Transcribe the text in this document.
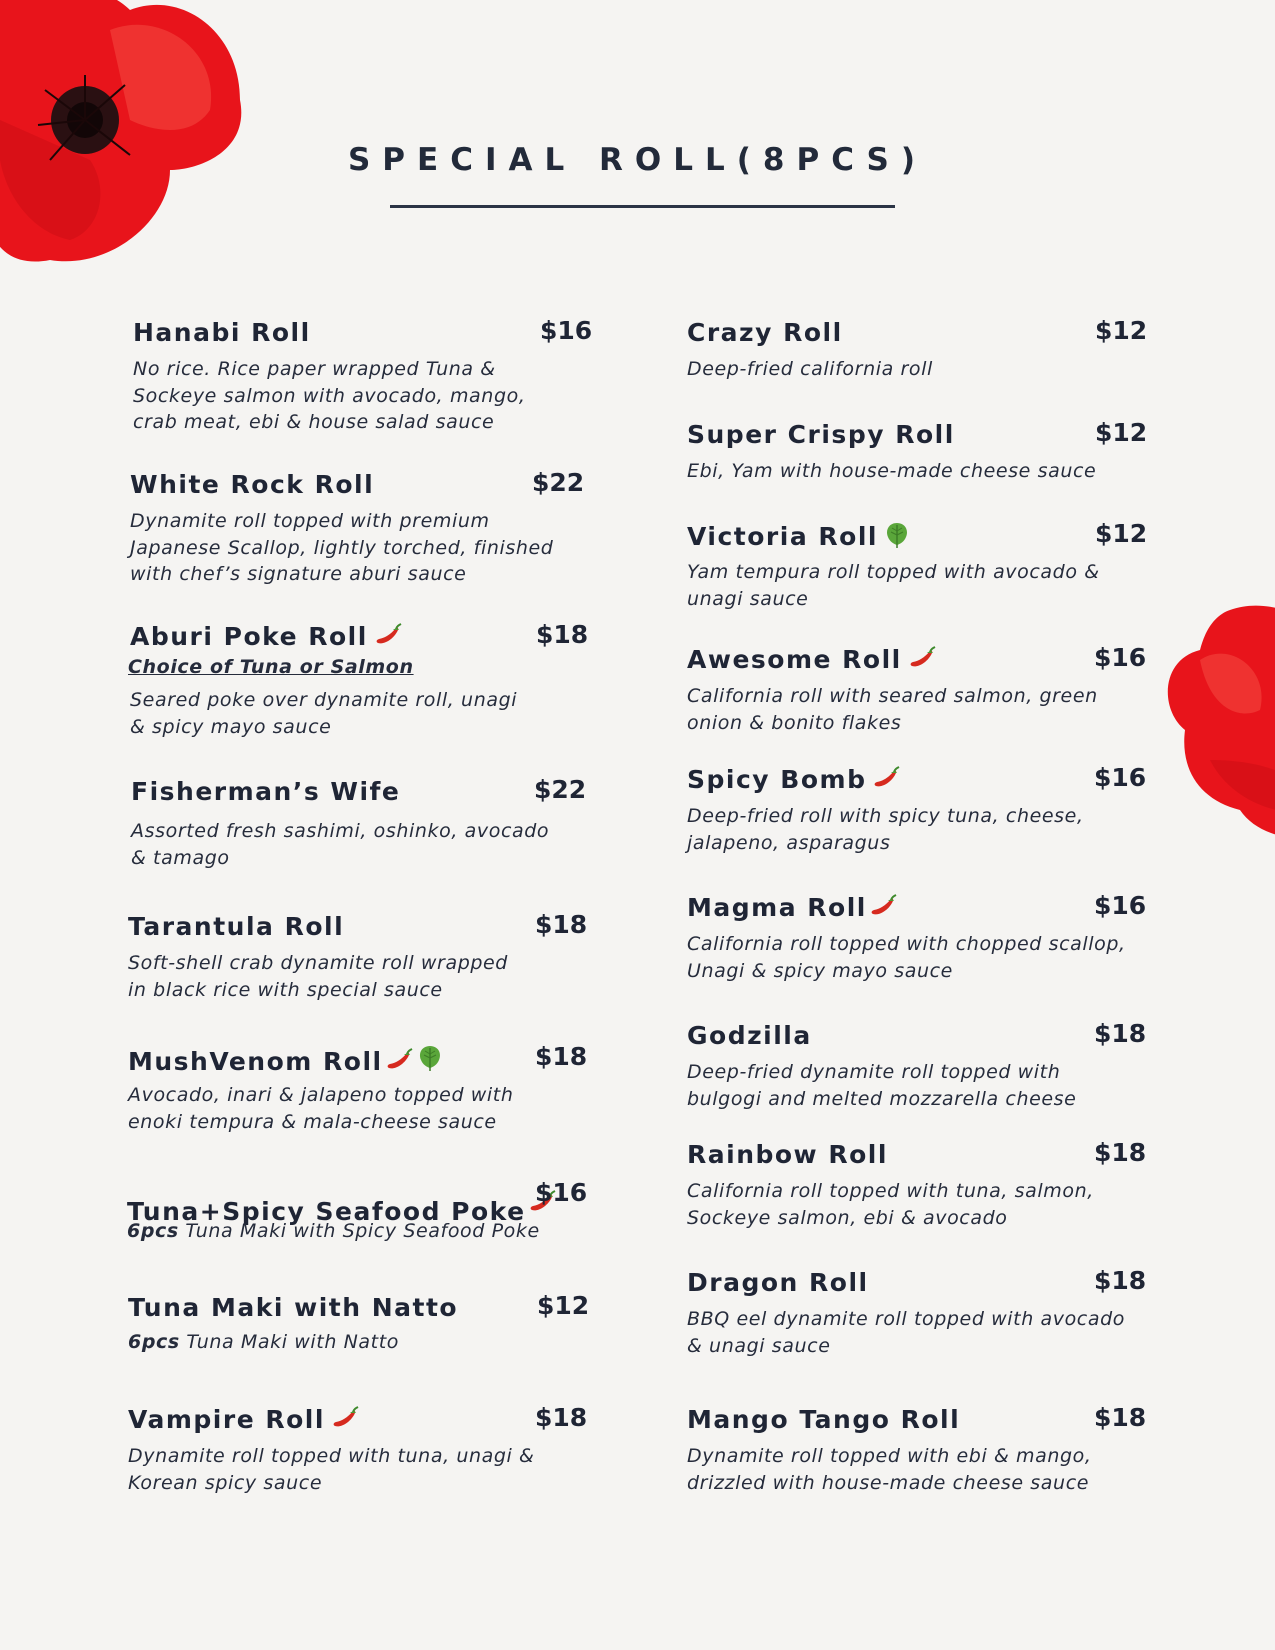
SPECIAL ROLL(8PCS)
Hanabi Roll	$16
No rice. Rice paper wrapped Tuna &
Sockeye salmon with avocado, mango,
crab meat, ebi & house salad sauce
White Rock Roll	$22
Dynamite roll topped with premium
Japanese Scallop, lightly torched, finished
with chef’s signature aburi sauce
Aburi Poke Roll	$18
Choice of Tuna or Salmon
Seared poke over dynamite roll, unagi
& spicy mayo sauce
Fisherman’s Wife	$22
Assorted fresh sashimi, oshinko, avocado
& tamago
Tarantula Roll	$18
Soft-shell crab dynamite roll wrapped
in black rice with special sauce
MushVenom Roll	$18
Avocado, inari & jalapeno topped with
enoki tempura & mala-cheese sauce
Tuna+Spicy Seafood Poke
$16
6pcs Tuna Maki with Spicy Seafood Poke
Tuna Maki with Natto	$12
6pcs Tuna Maki with Natto
Vampire Roll	$18
Dynamite roll topped with tuna, unagi &
Korean spicy sauce
Crazy Roll	$12
Deep-fried california roll
Super Crispy Roll	$12
Ebi, Yam with house-made cheese sauce
Victoria Roll	$12
Yam tempura roll topped with avocado &
unagi sauce
Awesome Roll	$16
California roll with seared salmon, green
onion & bonito flakes
Spicy Bomb	$16
Deep-fried roll with spicy tuna, cheese,
jalapeno, asparagus
Magma Roll	$16
California roll topped with chopped scallop,
Unagi & spicy mayo sauce
Godzilla	$18
Deep-fried dynamite roll topped with
bulgogi and melted mozzarella cheese
Rainbow Roll	$18
California roll topped with tuna, salmon,
Sockeye salmon, ebi & avocado
Dragon Roll	$18
BBQ eel dynamite roll topped with avocado
& unagi sauce
Mango Tango Roll	$18
Dynamite roll topped with ebi & mango,
drizzled with house-made cheese sauce
